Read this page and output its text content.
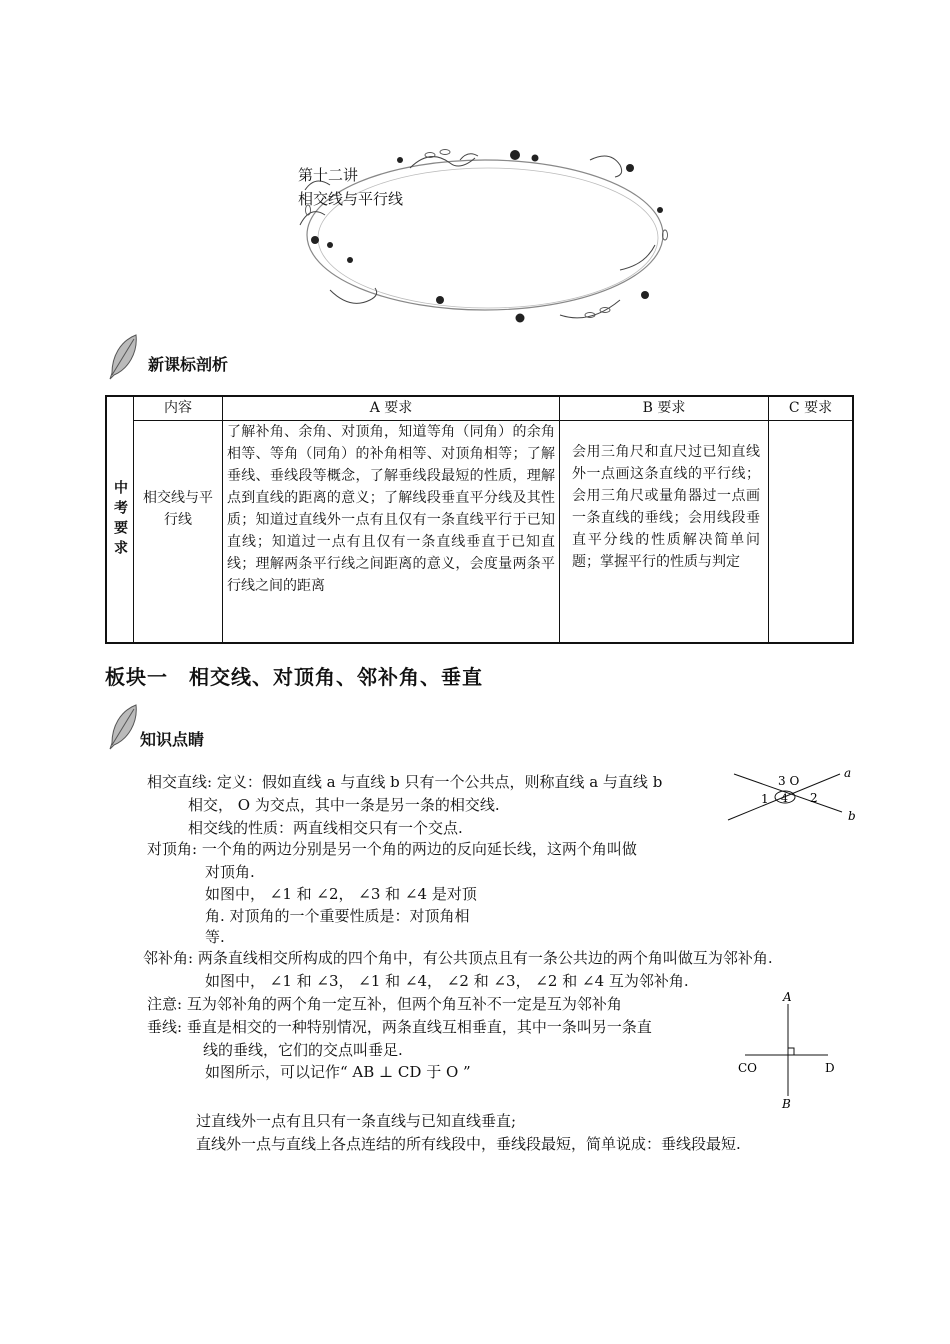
第十二讲
相交线与平行线
新课标剖析
中考要求	内容	A 要求	B 要求	C 要求
	相交线与平行线	了解补角、余角、对顶角，知道等角（同角）的余角相等、等角（同角）的补角相等、对顶角相等；了解垂线、垂线段等概念，了解垂线段最短的性质，理解点到直线的距离的意义；了解线段垂直平分线及其性质；知道过直线外一点有且仅有一条直线平行于已知直线；知道过一点有且仅有一条直线垂直于已知直线；理解两条平行线之间距离的意义，会度量两条平行线之间的距离	会用三角尺和直尺过已知直线外一点画这条直线的平行线；会用三角尺或量角器过一点画一条直线的垂线；会用线段垂直平分线的性质解决简单问题；掌握平行的性质与判定	
板块一　相交线、对顶角、邻补角、垂直
知识点睛
相交直线: 定义：假如直线 a 与直线 b 只有一个公共点，则称直线 a 与直线 b
相交， O 为交点，其中一条是另一条的相交线.
相交线的性质：两直线相交只有一个交点.
对顶角: 一个角的两边分别是另一个角的两边的反向延长线，这两个角叫做
对顶角.
如图中， ∠1 和 ∠2， ∠3 和 ∠4 是对顶
角. 对顶角的一个重要性质是：对顶角相
等.
邻补角: 两条直线相交所构成的四个角中，有公共顶点且有一条公共边的两个角叫做互为邻补角.
如图中， ∠1 和 ∠3， ∠1 和 ∠4， ∠2 和 ∠3， ∠2 和 ∠4 互为邻补角.
注意: 互为邻补角的两个角一定互补，但两个角互补不一定是互为邻补角
垂线: 垂直是相交的一种特别情况，两条直线互相垂直，其中一条叫另一条直
线的垂线，它们的交点叫垂足.
如图所示，可以记作“ AB ⊥ CD 于 O ”
过直线外一点有且只有一条直线与已知直线垂直;
直线外一点与直线上各点连结的所有线段中，垂线段最短，简单说成：垂线段最短.
a
b
3 O
1	2
4
A
B
CO	D
